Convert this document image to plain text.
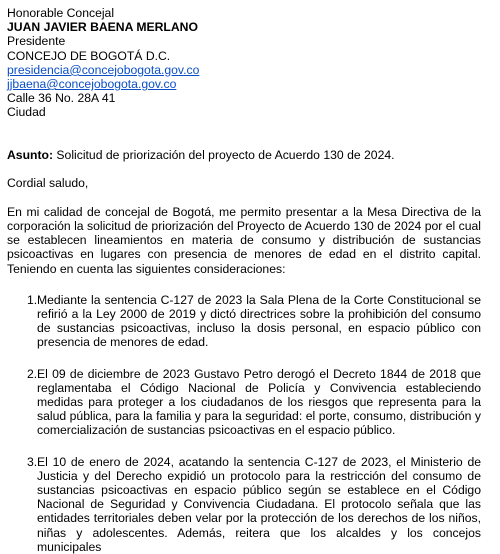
Honorable Concejal
JUAN JAVIER BAENA MERLANO
Presidente
CONCEJO DE BOGOTÁ D.C.
presidencia@concejobogota.gov.co
jjbaena@concejobogota.gov.co
Calle 36 No. 28A 41
Ciudad
Asunto: Solicitud de priorización del proyecto de Acuerdo 130 de 2024.
Cordial saludo,
En mi calidad de concejal de Bogotá, me permito presentar a la Mesa Directiva de la corporación la solicitud de priorización del Proyecto de Acuerdo 130 de 2024 por el cual se establecen lineamientos en materia de consumo y distribución de sustancias psicoactivas en lugares con presencia de menores de edad en el distrito capital. Teniendo en cuenta las siguientes consideraciones:
1. Mediante la sentencia C-127 de 2023 la Sala Plena de la Corte Constitucional se refirió a la Ley 2000 de 2019 y dictó directrices sobre la prohibición del consumo de sustancias psicoactivas, incluso la dosis personal, en espacio público con presencia de menores de edad.
2. El 09 de diciembre de 2023 Gustavo Petro derogó el Decreto 1844 de 2018 que reglamentaba el Código Nacional de Policía y Convivencia estableciendo medidas para proteger a los ciudadanos de los riesgos que representa para la salud pública, para la familia y para la seguridad: el porte, consumo, distribución y comercialización de sustancias psicoactivas en el espacio público.
3. El 10 de enero de 2024, acatando la sentencia C-127 de 2023, el Ministerio de Justicia y del Derecho expidió un protocolo para la restricción del consumo de sustancias psicoactivas en espacio público según se establece en el Código Nacional de Seguridad y Convivencia Ciudadana. El protocolo señala que las entidades territoriales deben velar por la protección de los derechos de los niños, niñas y adolescentes. Además, reitera que los alcaldes y los concejos municipales
